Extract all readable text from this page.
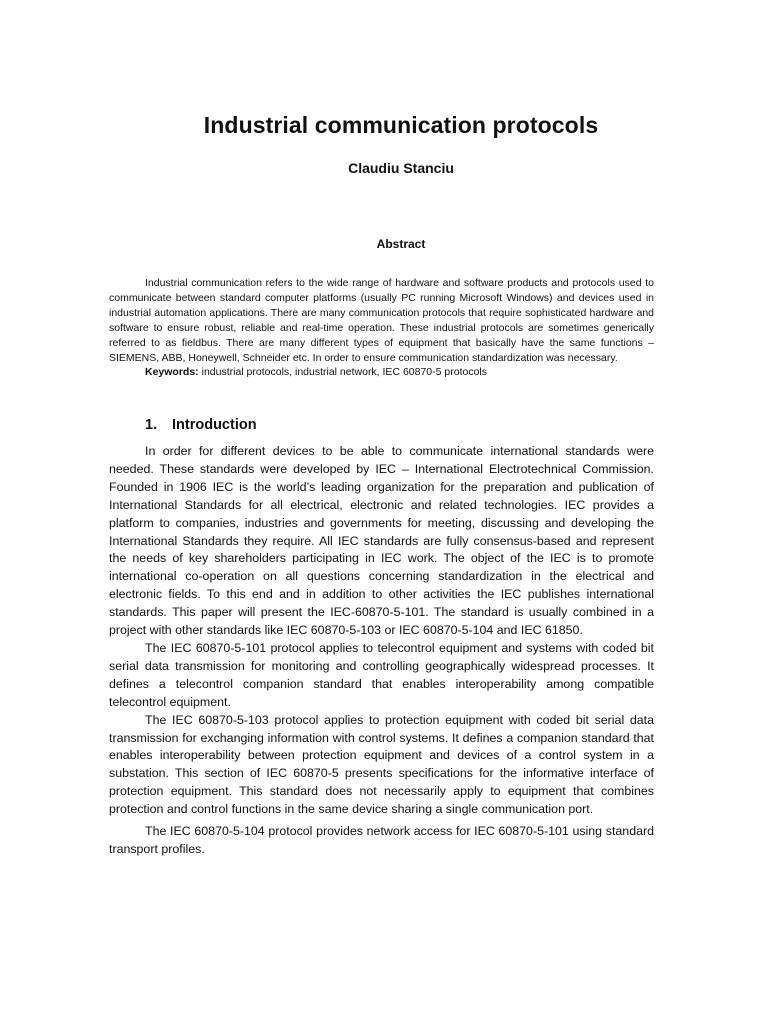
Industrial communication protocols
Claudiu Stanciu
Abstract

Industrial communication refers to the wide range of hardware and software products and protocols used to communicate between standard computer platforms (usually PC running Microsoft Windows) and devices used in industrial automation applications. There are many communication protocols that require sophisticated hardware and software to ensure robust, reliable and real-time operation. These industrial protocols are sometimes generically referred to as fieldbus. There are many different types of equipment that basically have the same functions – SIEMENS, ABB, Honeywell, Schneider etc. In order to ensure communication standardization was necessary.

Keywords: industrial protocols, industrial network, IEC 60870-5 protocols

1. Introduction

In order for different devices to be able to communicate international standards were needed. These standards were developed by IEC – International Electrotechnical Commission. Founded in 1906 IEC is the world’s leading organization for the preparation and publication of International Standards for all electrical, electronic and related technologies. IEC provides a platform to companies, industries and governments for meeting, discussing and developing the International Standards they require. All IEC standards are fully consensus-based and represent the needs of key shareholders participating in IEC work. The object of the IEC is to promote international co-operation on all questions concerning standardization in the electrical and electronic fields. To this end and in addition to other activities the IEC publishes international standards. This paper will present the IEC-60870-5-101. The standard is usually combined in a project with other standards like IEC 60870-5-103 or IEC 60870-5-104 and IEC 61850.

The IEC 60870-5-101 protocol applies to telecontrol equipment and systems with coded bit serial data transmission for monitoring and controlling geographically widespread processes. It defines a telecontrol companion standard that enables interoperability among compatible telecontrol equipment.

The IEC 60870-5-103 protocol applies to protection equipment with coded bit serial data transmission for exchanging information with control systems. It defines a companion standard that enables interoperability between protection equipment and devices of a control system in a substation. This section of IEC 60870-5 presents specifications for the informative interface of protection equipment. This standard does not necessarily apply to equipment that combines protection and control functions in the same device sharing a single communication port.

The IEC 60870-5-104 protocol provides network access for IEC 60870-5-101 using standard transport profiles.
